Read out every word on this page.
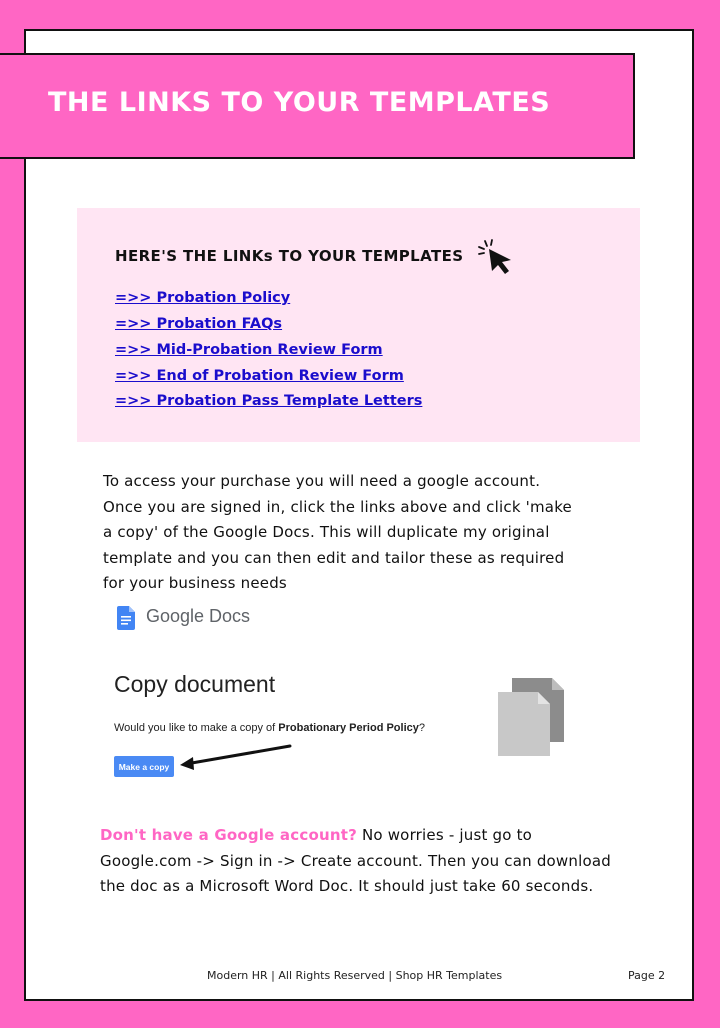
THE LINKS TO YOUR TEMPLATES
HERE'S THE LINKs TO YOUR TEMPLATES
=>> Probation Policy
=>> Probation FAQs
=>> Mid-Probation Review Form
=>> End of Probation Review Form
=>> Probation Pass Template Letters
To access your purchase you will need a google account. Once you are signed in, click the links above and click 'make a copy' of the Google Docs. This will duplicate my original template and you can then edit and tailor these as required for your business needs
Google Docs
Copy document
Would you like to make a copy of Probationary Period Policy?
Make a copy
Don't have a Google account? No worries - just go to Google.com -> Sign in -> Create account. Then you can download the doc as a Microsoft Word Doc. It should just take 60 seconds.
Modern HR | All Rights Reserved | Shop HR Templates	Page 2
